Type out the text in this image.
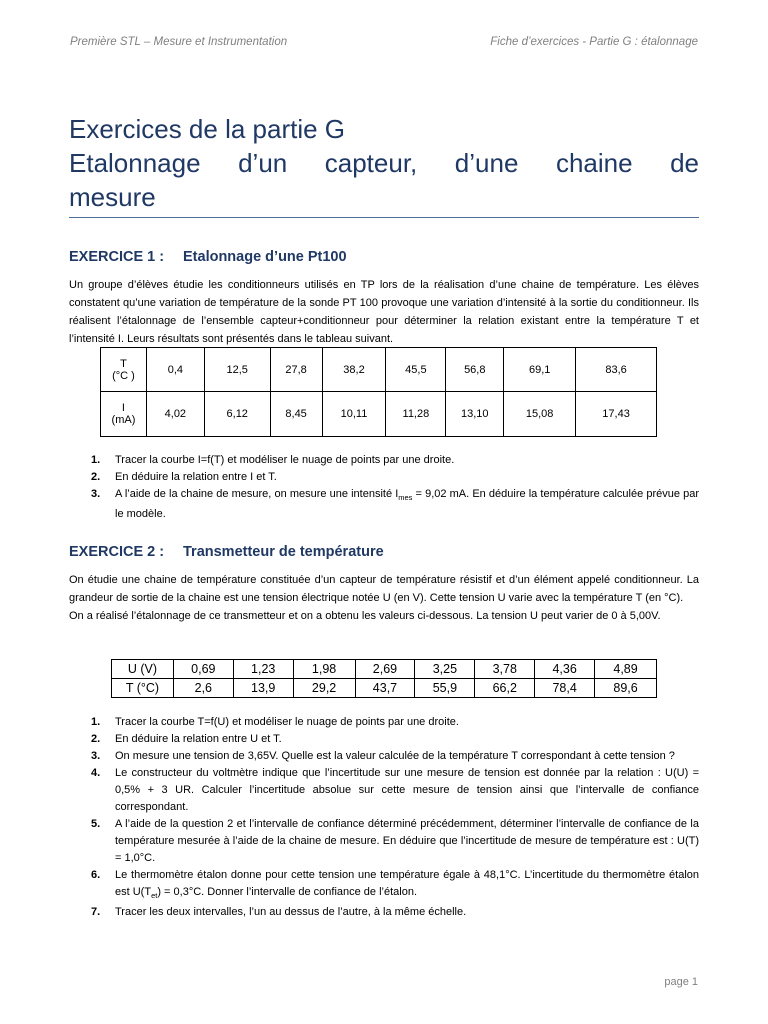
Première STL – Mesure et Instrumentation	Fiche d’exercices - Partie G : étalonnage
Exercices de la partie G
Etalonnage d’un capteur, d’une chaine de
mesure
EXERCICE 1 : Etalonnage d’une Pt100

Un groupe d’élèves étudie les conditionneurs utilisés en TP lors de la réalisation d’une chaine de température. Les élèves constatent qu’une variation de température de la sonde PT 100 provoque une variation d’intensité à la sortie du conditionneur. Ils réalisent l’étalonnage de l’ensemble capteur+conditionneur pour déterminer la relation existant entre la température T et l’intensité I. Leurs résultats sont présentés dans le tableau suivant.

T
(°C )	0,4	12,5	27,8	38,2	45,5	56,8	69,1	83,6
I
(mA)	4,02	6,12	8,45	10,11	11,28	13,10	15,08	17,43
1. Tracer la courbe I=f(T) et modéliser le nuage de points par une droite.
2. En déduire la relation entre I et T.
3. A l’aide de la chaine de mesure, on mesure une intensité $I_{mes} = 9,02$ mA. En déduire la température calculée prévue par le modèle.
EXERCICE 2 : Transmetteur de température

On étudie une chaine de température constituée d’un capteur de température résistif et d’un élément appelé conditionneur. La grandeur de sortie de la chaine est une tension électrique notée U (en V). Cette tension U varie avec la température T (en °C).

On a réalisé l’étalonnage de ce transmetteur et on a obtenu les valeurs ci-dessous. La tension U peut varier de 0 à 5,00V.

U (V)	0,69	1,23	1,98	2,69	3,25	3,78	4,36	4,89
T (°C)	2,6	13,9	29,2	43,7	55,9	66,2	78,4	89,6
1. Tracer la courbe T=f(U) et modéliser le nuage de points par une droite.
2. En déduire la relation entre U et T.
3. On mesure une tension de 3,65V. Quelle est la valeur calculée de la température T correspondant à cette tension ?
4. Le constructeur du voltmètre indique que l’incertitude sur une mesure de tension est donnée par la relation : U(U) = 0,5% + 3 UR. Calculer l’incertitude absolue sur cette mesure de tension ainsi que l’intervalle de confiance correspondant.
5. A l’aide de la question 2 et l’intervalle de confiance déterminé précédemment, déterminer l’intervalle de confiance de la température mesurée à l’aide de la chaine de mesure. En déduire que l’incertitude de mesure de température est : U(T) = 1,0°C.
6. Le thermomètre étalon donne pour cette tension une température égale à 48,1°C. L’incertitude du thermomètre étalon est $U(T_{et}) = 0,3^\circ C$. Donner l’intervalle de confiance de l’étalon.
7. Tracer les deux intervalles, l’un au dessus de l’autre, à la même échelle.
page 1
